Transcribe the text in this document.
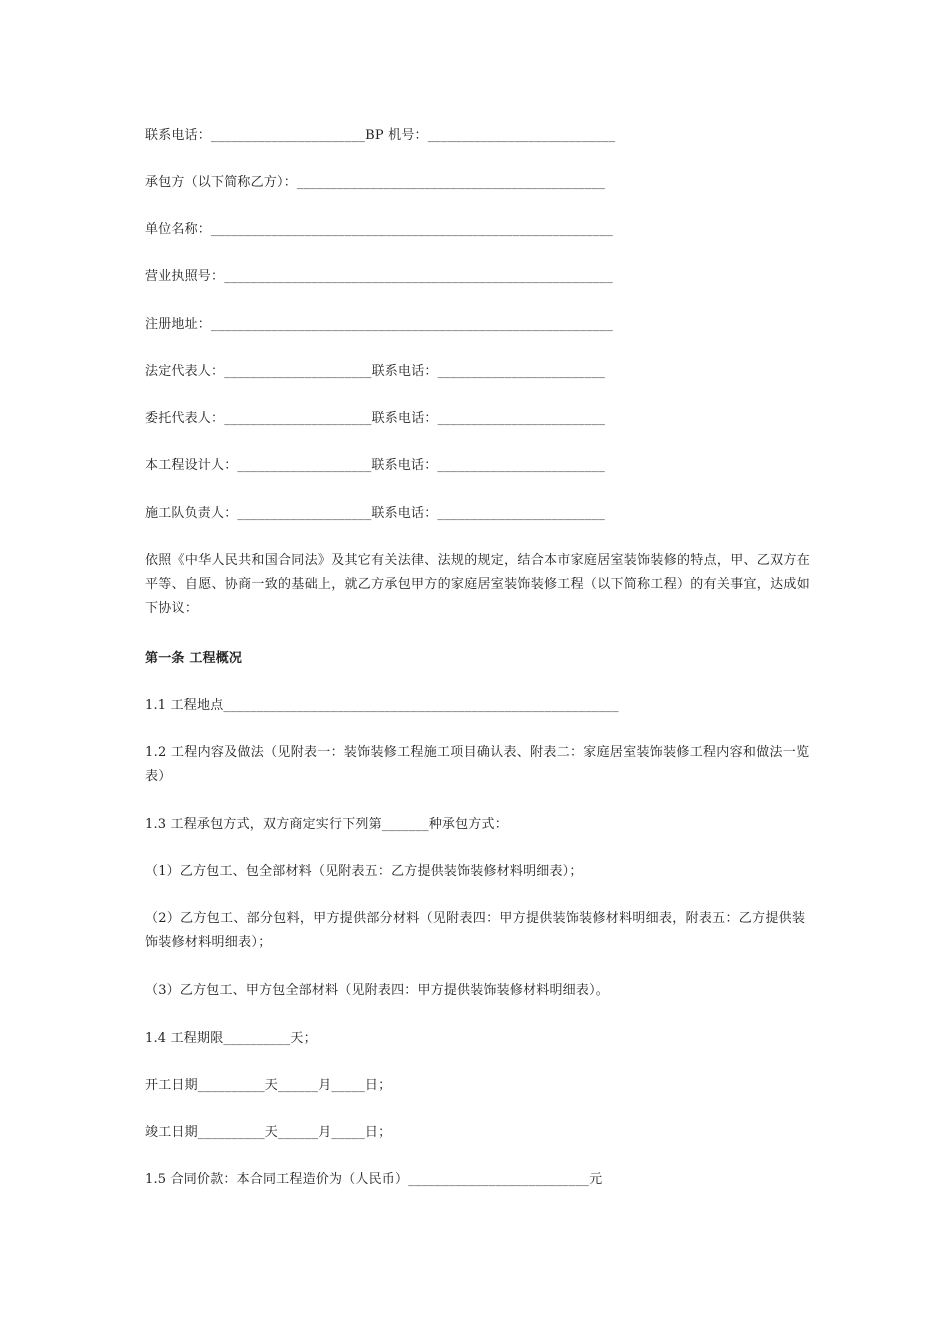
联系电话：_______________________BP 机号：____________________________
承包方（以下简称乙方）：______________________________________________
单位名称：____________________________________________________________
营业执照号：__________________________________________________________
注册地址：____________________________________________________________
法定代表人：______________________联系电话：_________________________
委托代表人：______________________联系电话：_________________________
本工程设计人：____________________联系电话：_________________________
施工队负责人：____________________联系电话：_________________________
依照《中华人民共和国合同法》及其它有关法律、法规的规定，结合本市家庭居室装饰装修的特点，甲、乙双方在平等、自愿、协商一致的基础上，就乙方承包甲方的家庭居室装饰装修工程（以下简称工程）的有关事宜，达成如下协议：
第一条 工程概况
1.1 工程地点___________________________________________________________
1.2 工程内容及做法（见附表一：装饰装修工程施工项目确认表、附表二：家庭居室装饰装修工程内容和做法一览表）
1.3 工程承包方式，双方商定实行下列第_______种承包方式：
（1）乙方包工、包全部材料（见附表五：乙方提供装饰装修材料明细表）；
（2）乙方包工、部分包料，甲方提供部分材料（见附表四：甲方提供装饰装修材料明细表，附表五：乙方提供装饰装修材料明细表）；
（3）乙方包工、甲方包全部材料（见附表四：甲方提供装饰装修材料明细表）。
1.4 工程期限__________天；
开工日期__________天______月_____日；
竣工日期__________天______月_____日；
1.5 合同价款：本合同工程造价为（人民币）___________________________元
